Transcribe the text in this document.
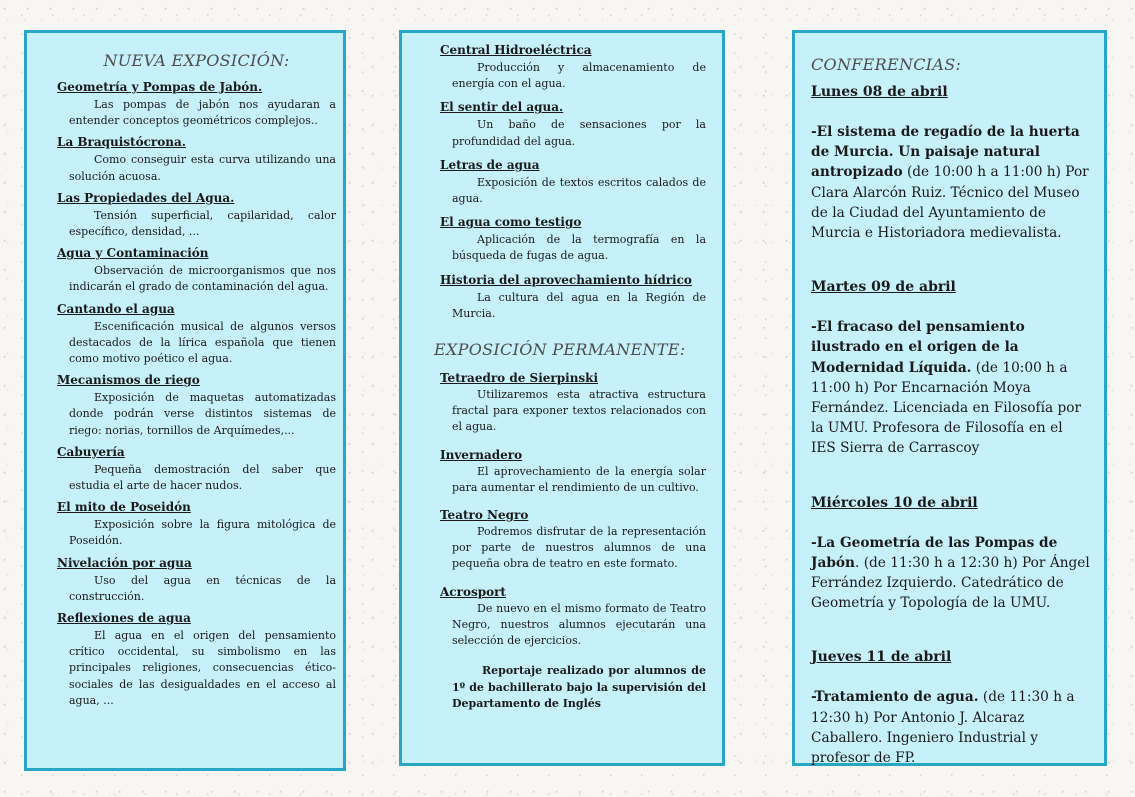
NUEVA EXPOSICIÓN:

Geometría y Pompas de Jabón.

Las pompas de jabón nos ayudaran a entender conceptos geométricos complejos..

La Braquistócrona.

Como conseguir esta curva utilizando una solución acuosa.

Las Propiedades del Agua.

Tensión superficial, capilaridad, calor específico, densidad, ...

Agua y Contaminación

Observación de microorganismos que nos indicarán el grado de contaminación del agua.

Cantando el agua

Escenificación musical de algunos versos destacados de la lírica española que tienen como motivo poético el agua.

Mecanismos de riego

Exposición de maquetas automatizadas donde podrán verse distintos sistemas de riego: norias, tornillos de Arquímedes,...

Cabuyería

Pequeña demostración del saber que estudia el arte de hacer nudos.

El mito de Poseidón

Exposición sobre la figura mitológica de Poseidón.

Nivelación por agua

Uso del agua en técnicas de la construcción.

Reflexiones de agua

El agua en el origen del pensamiento crítico occidental, su simbolismo en las principales religiones, consecuencias ético-sociales de las desigualdades en el acceso al agua, ...

Central Hidroeléctrica

Producción y almacenamiento de energía con el agua.

El sentir del agua.

Un baño de sensaciones por la profundidad del agua.

Letras de agua

Exposición de textos escritos calados de agua.

El agua como testigo

Aplicación de la termografía en la búsqueda de fugas de agua.

Historia del aprovechamiento hídrico

La cultura del agua en la Región de Murcia.

EXPOSICIÓN PERMANENTE:

Tetraedro de Sierpinski

Utilizaremos esta atractiva estructura fractal para exponer textos relacionados con el agua.

Invernadero

El aprovechamiento de la energía solar para aumentar el rendimiento de un cultivo.

Teatro Negro

Podremos disfrutar de la representación por parte de nuestros alumnos de una pequeña obra de teatro en este formato.

Acrosport

De nuevo en el mismo formato de Teatro Negro, nuestros alumnos ejecutarán una selección de ejercicios.

Reportaje realizado por alumnos de 1º de bachillerato bajo la supervisión del Departamento de Inglés

CONFERENCIAS:

Lunes 08 de abril

-El sistema de regadío de la huerta de Murcia. Un paisaje natural antropizado (de 10:00 h a 11:00 h) Por Clara Alarcón Ruiz. Técnico del Museo de la Ciudad del Ayuntamiento de Murcia e Historiadora medievalista.

Martes 09 de abril

-El fracaso del pensamiento ilustrado en el origen de la Modernidad Líquida. (de 10:00 h a 11:00 h) Por Encarnación Moya Fernández. Licenciada en Filosofía por la UMU. Profesora de Filosofía en el IES Sierra de Carrascoy

Miércoles 10 de abril

-La Geometría de las Pompas de Jabón. (de 11:30 h a 12:30 h) Por Ángel Ferrández Izquierdo. Catedrático de Geometría y Topología de la UMU.

Jueves 11 de abril

-Tratamiento de agua. (de 11:30 h a 12:30 h) Por Antonio J. Alcaraz Caballero. Ingeniero Industrial y profesor de FP.
